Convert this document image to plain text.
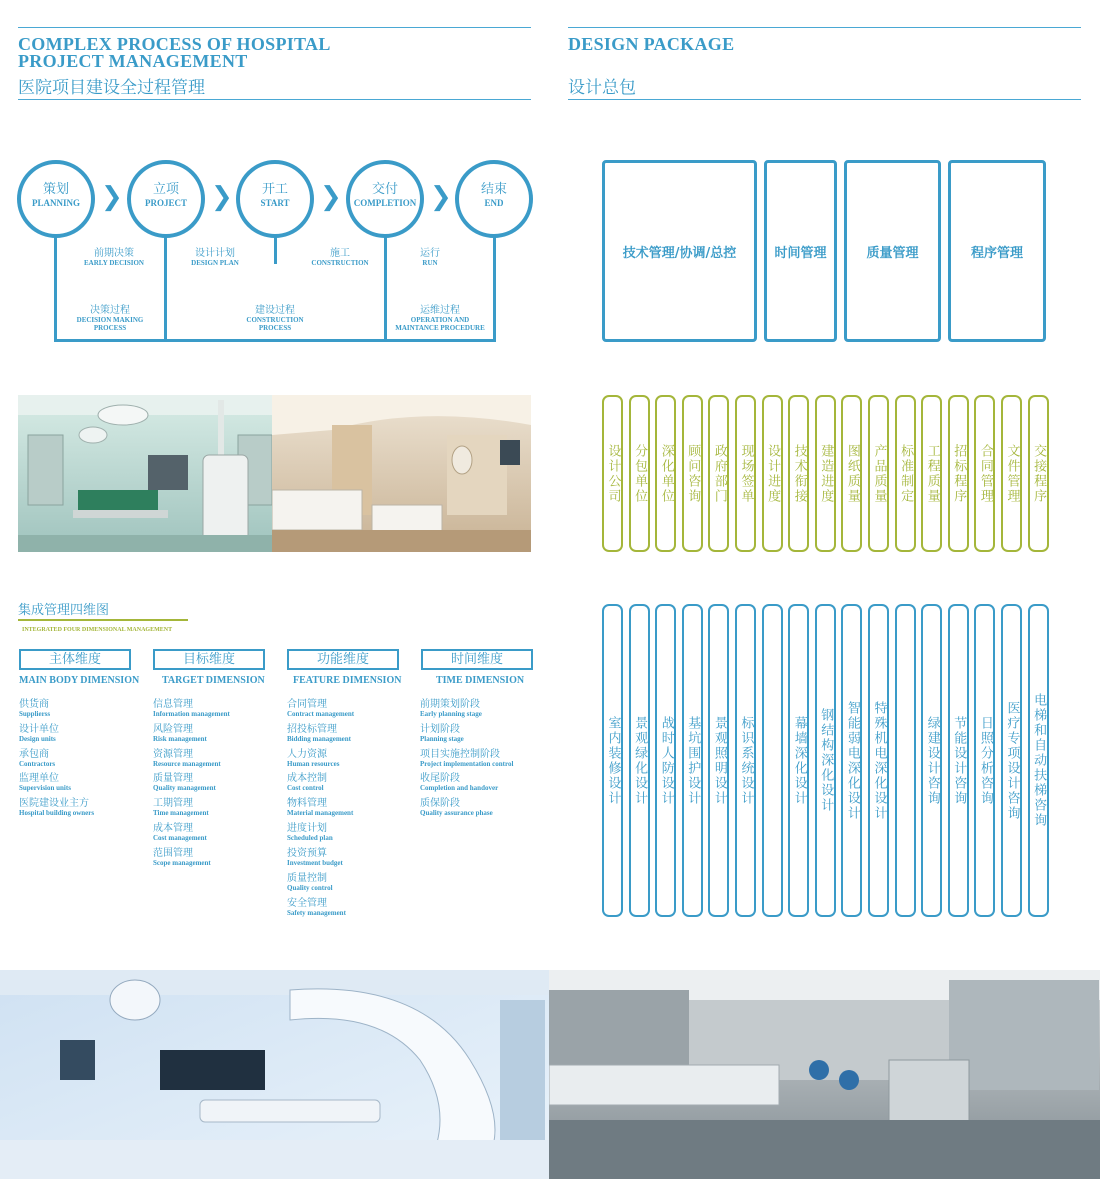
COMPLEX PROCESS OF HOSPITAL
PROJECT MANAGEMENT
医院项目建设全过程管理
DESIGN PACKAGE
设计总包
策划
PLANNING ❯	立项
PROJECT ❯	开工
START	❯	交付
COMPLETION ❯	结束
END
前期决策
EARLY DECISION
设计计划
DESIGN PLAN
施工
CONSTRUCTION
运行
RUN
决策过程
DECISION MAKING
PROCESS
建设过程
CONSTRUCTION
PROCESS
运维过程
OPERATION AND
MAINTANCE PROCEDURE
集成管理四维图
INTEGRATED FOUR DIMENSIONAL MANAGEMENT
主体维度
MAIN BODY DIMENSION
供货商
Supplierss
设计单位
Design units
承包商
Contractors
监理单位
Supervision units
医院建设业主方
Hospital building owners
目标维度
TARGET DIMENSION
信息管理
Information management
风险管理
Risk management
资源管理
Resource management
质量管理
Quality management
工期管理
Time management
成本管理
Cost management
范围管理
Scope management
功能维度
FEATURE DIMENSION
合同管理
Contract management
招投标管理
Bidding management
人力资源
Human resources
成本控制
Cost control
物料管理
Material management
进度计划
Scheduled plan
投资预算
Investment budget
质量控制
Quality control
安全管理
Safety management
时间维度
TIME DIMENSION
前期策划阶段
Early planning stage
计划阶段
Planning stage
项目实施控制阶段
Project implementation control
收尾阶段
Completion and handover
质保阶段
Quality assurance phase
技术管理/协调/总控	时间管理	质量管理	程序管理
设计公司 分包单位 深化单位 顾问咨询 政府部门 现场签单 设计进度 技术衔接 建造进度 图纸质量 产品质量 标准制定 工程质量 招标程序 合同管理 文件管理 交接程序
室内装修设计 景观绿化设计 战时人防设计 基坑围护设计 景观照明设计 标识系统设计	幕墙深化设计 钢结构深化设计 智能弱电深化设计 特殊机电深化设计	绿建设计咨询 节能设计咨询 日照分析咨询 医疗专项设计咨询 电梯和自动扶梯咨询
